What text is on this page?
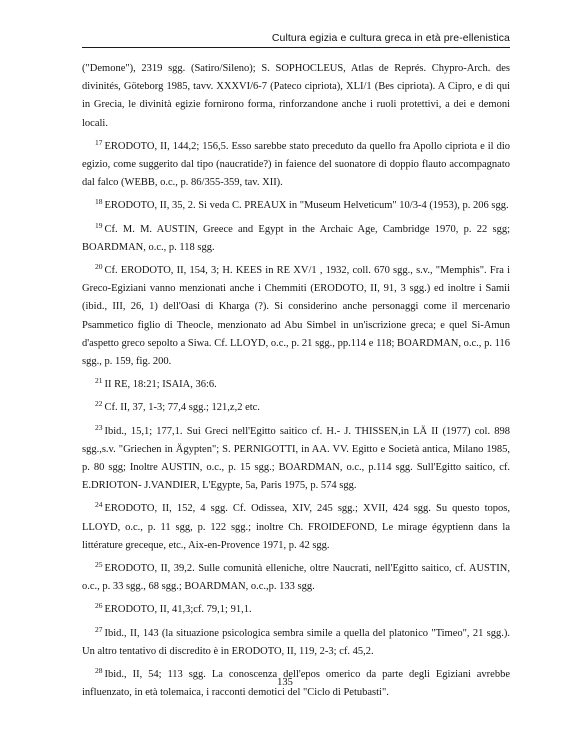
Cultura egizia e cultura greca in età pre-ellenistica

("Demone"), 2319 sgg. (Satiro/Sileno); S. SOPHOCLEUS, Atlas de Représ. Chypro-Arch. des divinités, Göteborg 1985, tavv. XXXVI/6-7 (Pateco cipriota), XLI/1 (Bes cipriota). A Cipro, e di qui in Grecia, le divinità egizie fornirono forma, rinforzandone anche i ruoli protettivi, a dei e demoni locali.

$^{17}$ ERODOTO, II, 144,2; 156,5. Esso sarebbe stato preceduto da quello fra Apollo cipriota e il dio egizio, come suggerito dal tipo (naucratide?) in faience del suonatore di doppio flauto accompagnato dal falco (WEBB, o.c., p. 86/355-359, tav. XII).

$^{18}$ ERODOTO, II, 35, 2. Si veda C. PREAUX in "Museum Helveticum" 10/3-4 (1953), p. 206 sgg.

$^{19}$ Cf. M. M. AUSTIN, Greece and Egypt in the Archaic Age, Cambridge 1970, p. 22 sgg; BOARDMAN, o.c., p. 118 sgg.

$^{20}$ Cf. ERODOTO, II, 154, 3; H. KEES in RE XV/1 , 1932, coll. 670 sgg., s.v., "Memphis". Fra i Greco-Egiziani vanno menzionati anche i Chemmiti (ERODOTO, II, 91, 3 sgg.) ed inoltre i Samii (ibid., III, 26, 1) dell'Oasi di Kharga (?). Si considerino anche personaggi come il mercenario Psammetico figlio di Theocle, menzionato ad Abu Simbel in un'iscrizione greca; e quel Si-Amun d'aspetto greco sepolto a Siwa. Cf. LLOYD, o.c., p. 21 sgg., pp.114 e 118; BOARDMAN, o.c., p. 116 sgg., p. 159, fig. 200.

$^{21}$ II RE, 18:21; ISAIA, 36:6.

$^{22}$ Cf. II, 37, 1-3; 77,4 sgg.; 121,z,2 etc.

$^{23}$ Ibid., 15,1; 177,1. Sui Greci nell'Egitto saitico cf. H.- J. THISSEN,in LÄ II (1977) col. 898 sgg.,s.v. "Griechen in Ägypten"; S. PERNIGOTTI, in AA. VV. Egitto e Società antica, Milano 1985, p. 80 sgg; Inoltre AUSTIN, o.c., p. 15 sgg.; BOARDMAN, o.c., p.114 sgg. Sull'Egitto saitico, cf. E.DRIOTON- J.VANDIER, L'Egypte, 5a, Paris 1975, p. 574 sgg.

$^{24}$ ERODOTO, II, 152, 4 sgg. Cf. Odissea, XIV, 245 sgg.; XVII, 424 sgg. Su questo topos, LLOYD, o.c., p. 11 sgg, p. 122 sgg.; inoltre Ch. FROIDEFOND, Le mirage égyptienn dans la littérature greceque, etc., Aix-en-Provence 1971, p. 42 sgg.

$^{25}$ ERODOTO, II, 39,2. Sulle comunità elleniche, oltre Naucrati, nell'Egitto saitico, cf. AUSTIN, o.c., p. 33 sgg., 68 sgg.; BOARDMAN, o.c.,p. 133 sgg.

$^{26}$ ERODOTO, II, 41,3;cf. 79,1; 91,1.

$^{27}$ Ibid., II, 143 (la situazione psicologica sembra simile a quella del platonico "Timeo", 21 sgg.). Un altro tentativo di discredito è in ERODOTO, II, 119, 2-3; cf. 45,2.

$^{28}$ Ibid., II, 54; 113 sgg. La conoscenza dell'epos omerico da parte degli Egiziani avrebbe influenzato, in età tolemaica, i racconti demotici del "Ciclo di Petubasti".

135
